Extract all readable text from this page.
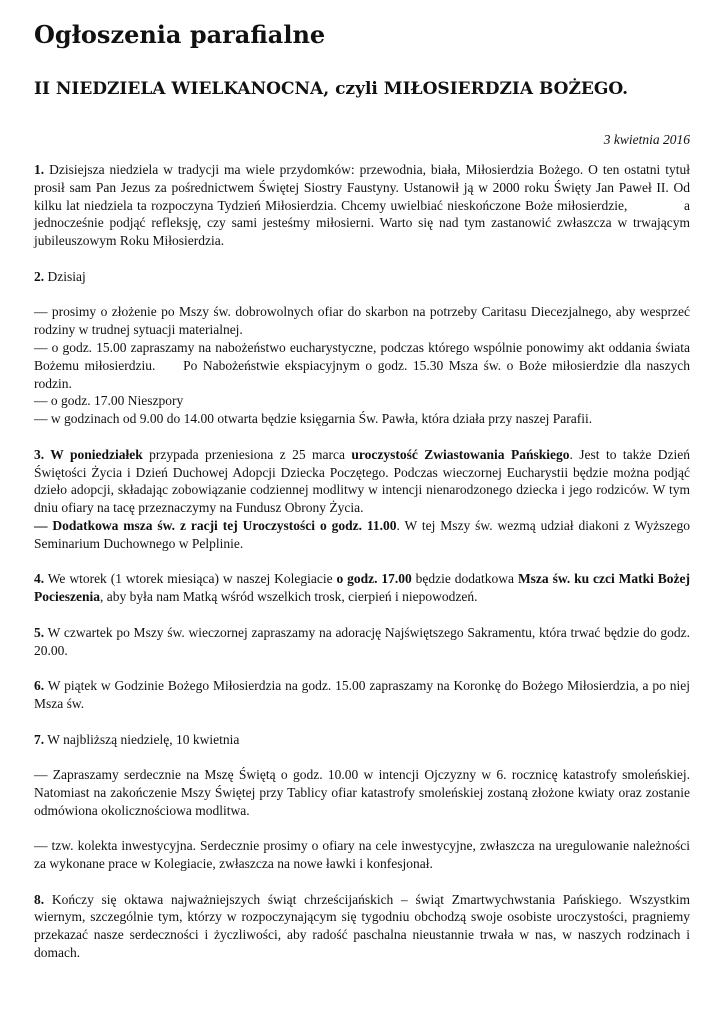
Ogłoszenia parafialne
II NIEDZIELA WIELKANOCNA, czyli MIŁOSIERDZIA BOŻEGO.

3 kwietnia 2016

1. Dzisiejsza niedziela w tradycji ma wiele przydomków: przewodnia, biała, Miłosierdzia Bożego. O ten ostatni tytuł prosił sam Pan Jezus za pośrednictwem Świętej Siostry Faustyny. Ustanowił ją w 2000 roku Święty Jan Paweł II. Od kilku lat niedziela ta rozpoczyna Tydzień Miłosierdzia. Chcemy uwielbiać nieskończone Boże miłosierdzie,             a jednocześnie podjąć refleksję, czy sami jesteśmy miłosierni. Warto się nad tym zastanowić zwłaszcza w trwającym jubileuszowym Roku Miłosierdzia.

2. Dzisiaj

— prosimy o złożenie po Mszy św. dobrowolnych ofiar do skarbon na potrzeby Caritasu Diecezjalnego, aby wesprzeć rodziny w trudnej sytuacji materialnej.

— o godz. 15.00 zapraszamy na nabożeństwo eucharystyczne, podczas którego wspólnie ponowimy akt oddania świata Bożemu miłosierdziu.     Po Nabożeństwie ekspiacyjnym o godz. 15.30 Msza św. o Boże miłosierdzie dla naszych rodzin.

— o godz. 17.00 Nieszpory

— w godzinach od 9.00 do 14.00 otwarta będzie księgarnia Św. Pawła, która działa przy naszej Parafii.

3. W poniedziałek przypada przeniesiona z 25 marca uroczystość Zwiastowania Pańskiego. Jest to także Dzień Świętości Życia i Dzień Duchowej Adopcji Dziecka Poczętego. Podczas wieczornej Eucharystii będzie można podjąć dzieło adopcji, składając zobowiązanie codziennej modlitwy w intencji nienarodzonego dziecka i jego rodziców. W tym dniu ofiary na tacę przeznaczymy na Fundusz Obrony Życia.

— Dodatkowa msza św. z racji tej Uroczystości o godz. 11.00. W tej Mszy św. wezmą udział diakoni z Wyższego Seminarium Duchownego w Pelplinie.

4. We wtorek (1 wtorek miesiąca) w naszej Kolegiacie o godz. 17.00 będzie dodatkowa Msza św. ku czci Matki Bożej Pocieszenia, aby była nam Matką wśród wszelkich trosk, cierpień i niepowodzeń.

5. W czwartek po Mszy św. wieczornej zapraszamy na adorację Najświętszego Sakramentu, która trwać będzie do godz. 20.00.

6. W piątek w Godzinie Bożego Miłosierdzia na godz. 15.00 zapraszamy na Koronkę do Bożego Miłosierdzia, a po niej Msza św.

7. W najbliższą niedzielę, 10 kwietnia

— Zapraszamy serdecznie na Mszę Świętą o godz. 10.00 w intencji Ojczyzny w 6. rocznicę katastrofy smoleńskiej. Natomiast na zakończenie Mszy Świętej przy Tablicy ofiar katastrofy smoleńskiej zostaną złożone kwiaty oraz zostanie odmówiona okolicznościowa modlitwa.

— tzw. kolekta inwestycyjna. Serdecznie prosimy o ofiary na cele inwestycyjne, zwłaszcza na uregulowanie należności za wykonane prace w Kolegiacie, zwłaszcza na nowe ławki i konfesjonał.

8. Kończy się oktawa najważniejszych świąt chrześcijańskich – świąt Zmartwychwstania Pańskiego. Wszystkim wiernym, szczególnie tym, którzy w rozpoczynającym się tygodniu obchodzą swoje osobiste uroczystości, pragniemy przekazać nasze serdeczności i życzliwości, aby radość paschalna nieustannie trwała w nas, w naszych rodzinach i domach.
